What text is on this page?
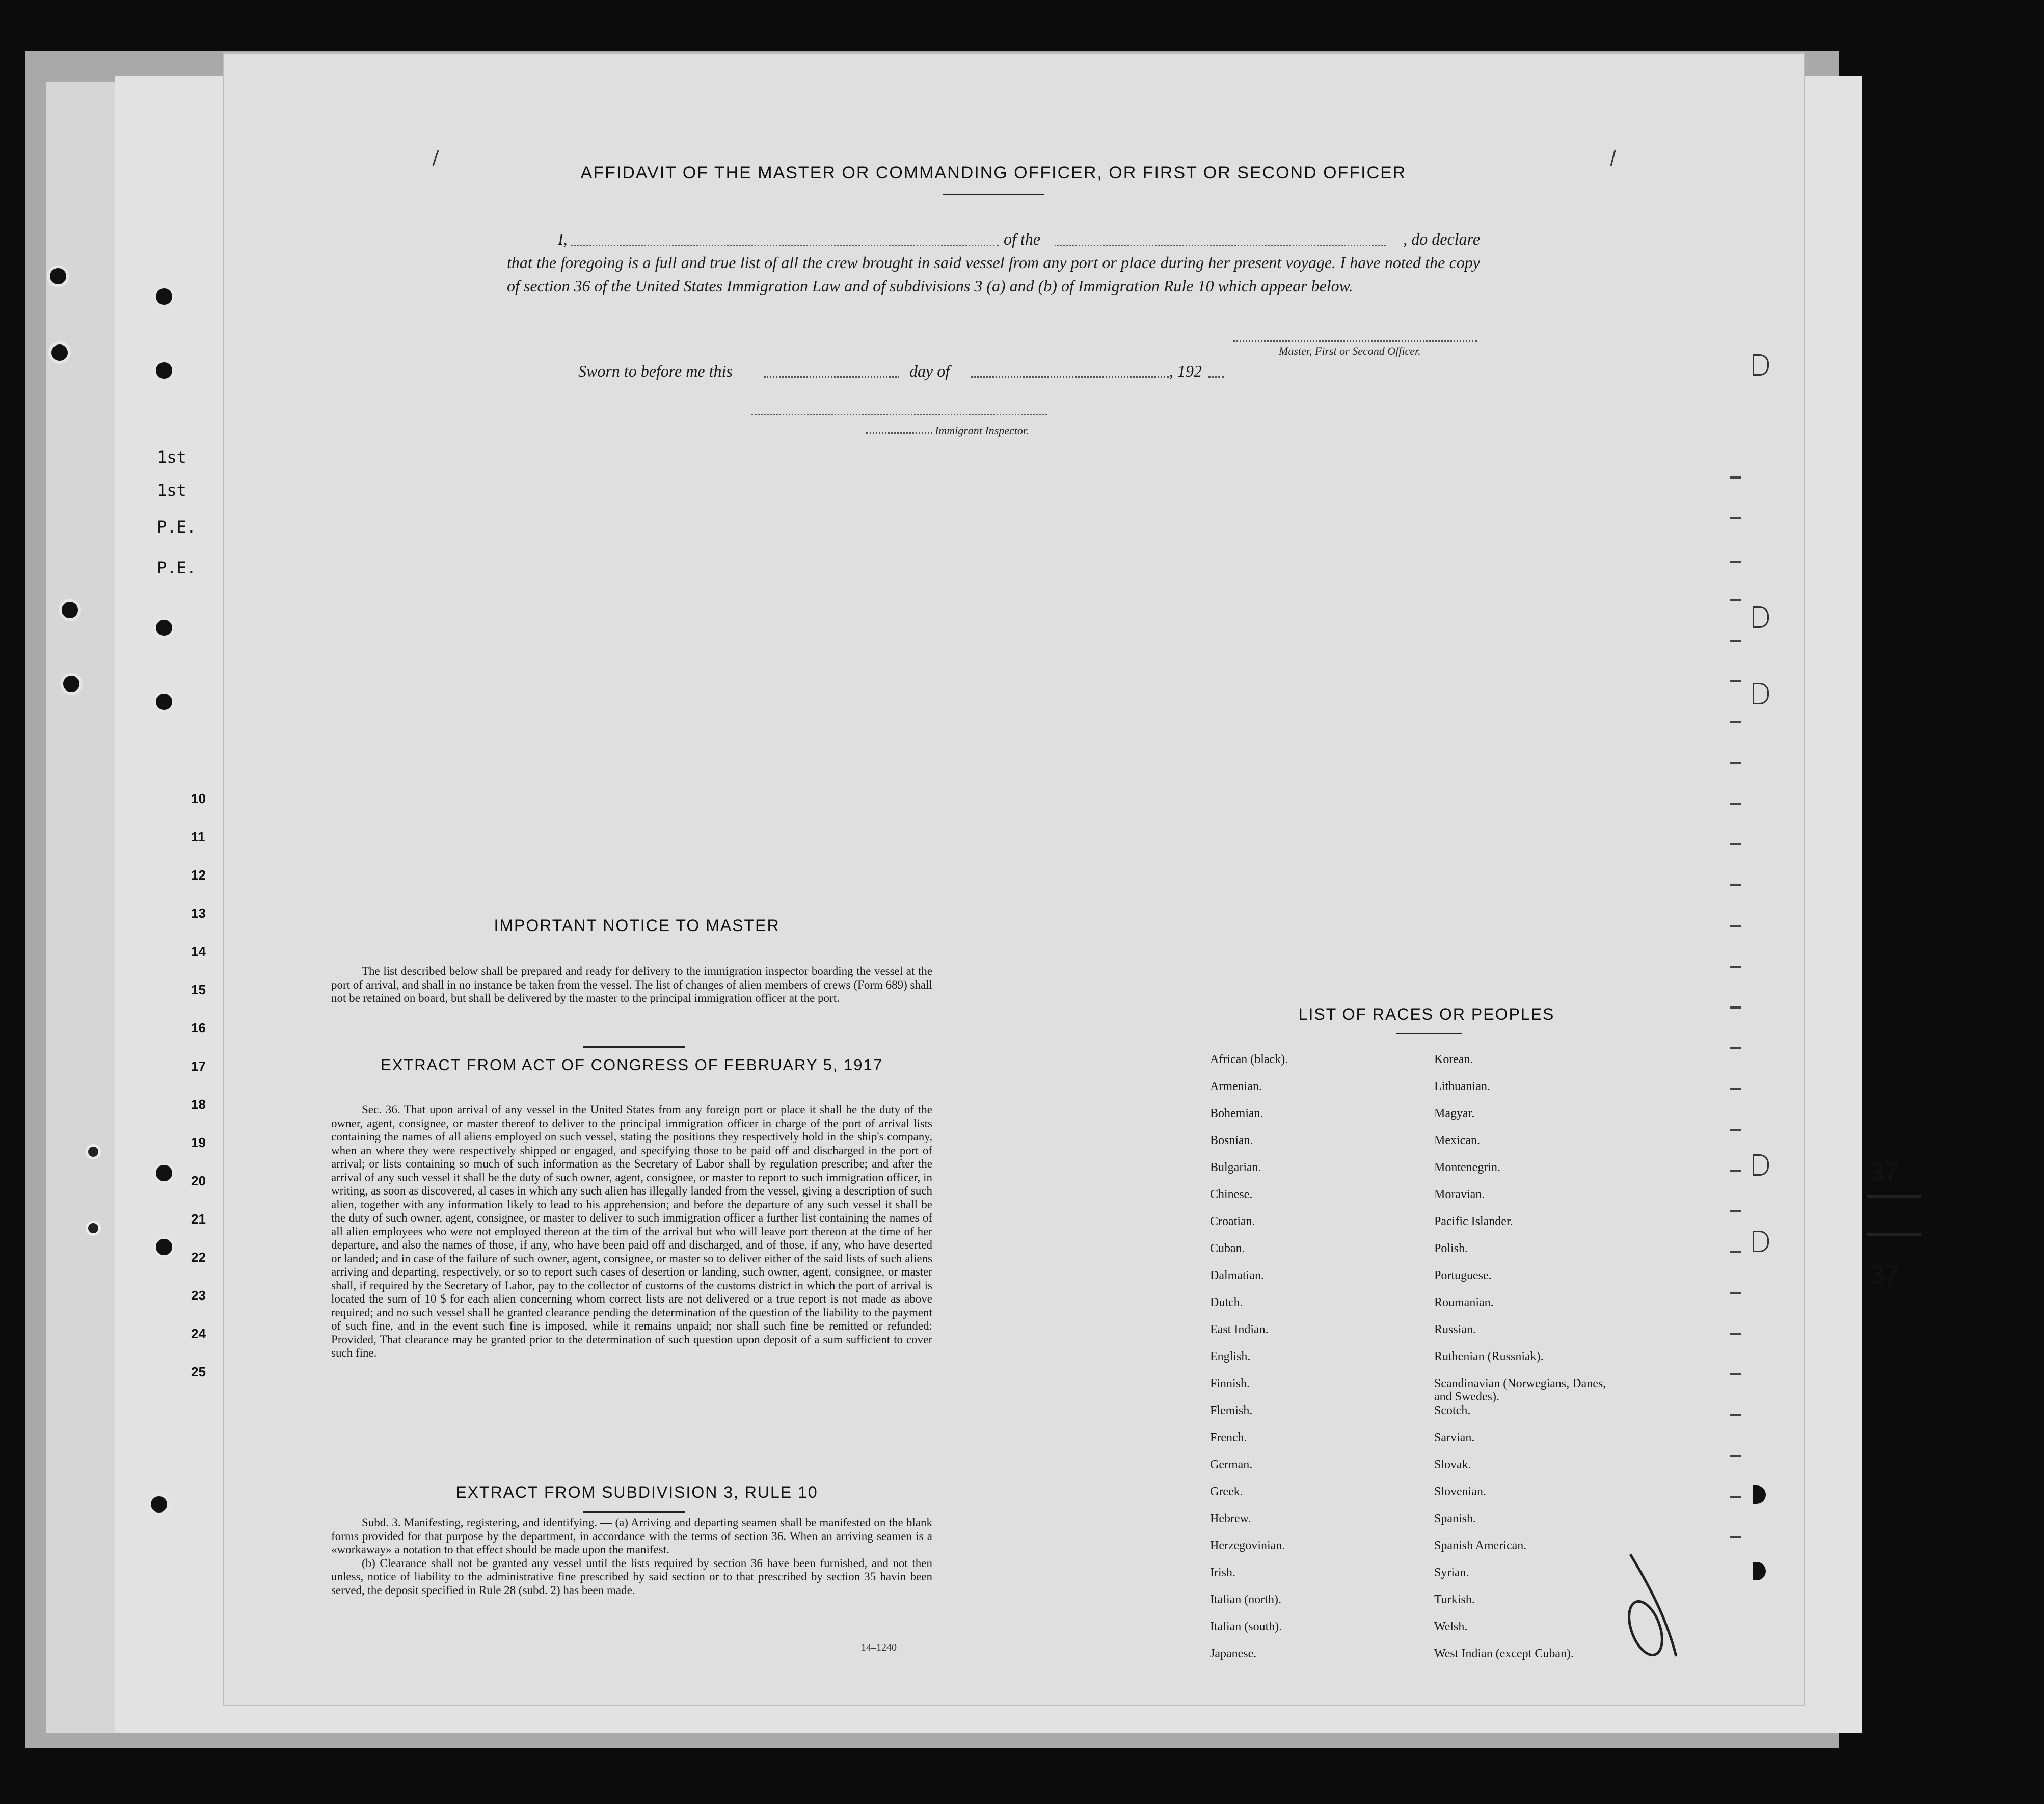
1st
1st
P.E.
P.E.
10
11
12
13
14
15
16
17
18
19
20
21
22
23
24
25
37
37
AFFIDAVIT OF THE MASTER OR COMMANDING OFFICER, OR FIRST OR SECOND OFFICER
I,	of the	, do declare

that the foregoing is a full and true list of all the crew brought in said vessel from any port or place during her present voyage. I have noted the copy of section 36 of the United States Immigration Law and of subdivisions 3 (a) and (b) of Immigration Rule 10 which appear below.

Master, First or Second Officer.
Sworn to before me this	day of	, 192
Immigrant Inspector.
IMPORTANT NOTICE TO MASTER

The list described below shall be prepared and ready for delivery to the immigration inspector boarding the vessel at the port of arrival, and shall in no instance be taken from the vessel. The list of changes of alien members of crews (Form 689) shall not be retained on board, but shall be delivered by the master to the principal immigration officer at the port.

EXTRACT FROM ACT OF CONGRESS OF FEBRUARY 5, 1917

Sec. 36. That upon arrival of any vessel in the United States from any foreign port or place it shall be the duty of the owner, agent, consignee, or master thereof to deliver to the principal immigration officer in charge of the port of arrival lists containing the names of all aliens employed on such vessel, stating the positions they respectively hold in the ship's company, when an where they were respectively shipped or engaged, and specifying those to be paid off and discharged in the port of arrival; or lists containing so much of such information as the Secretary of Labor shall by regulation prescribe; and after the arrival of any such vessel it shall be the duty of such owner, agent, consignee, or master to report to such immigration officer, in writing, as soon as discovered, al cases in which any such alien has illegally landed from the vessel, giving a description of such alien, together with any information likely to lead to his apprehension; and before the departure of any such vessel it shall be the duty of such owner, agent, consignee, or master to deliver to such immigration officer a further list containing the names of all alien employees who were not employed thereon at the tim of the arrival but who will leave port thereon at the time of her departure, and also the names of those, if any, who have been paid off and discharged, and of those, if any, who have deserted or landed; and in case of the failure of such owner, agent, consignee, or master so to deliver either of the said lists of such aliens arriving and departing, respectively, or so to report such cases of desertion or landing, such owner, agent, consignee, or master shall, if required by the Secretary of Labor, pay to the collector of customs of the customs district in which the port of arrival is located the sum of 10 $ for each alien concerning whom correct lists are not delivered or a true report is not made as above required; and no such vessel shall be granted clearance pending the determination of the question of the liability to the payment of such fine, and in the event such fine is imposed, while it remains unpaid; nor shall such fine be remitted or refunded: Provided, That clearance may be granted prior to the determination of such question upon deposit of a sum sufficient to cover such fine.

EXTRACT FROM SUBDIVISION 3, RULE 10

Subd. 3. Manifesting, registering, and identifying. — (a) Arriving and departing seamen shall be manifested on the blank forms provided for that purpose by the department, in accordance with the terms of section 36. When an arriving seamen is a «workaway» a notation to that effect should be made upon the manifest.

(b) Clearance shall not be granted any vessel until the lists required by section 36 have been furnished, and not then unless, notice of liability to the administrative fine prescribed by said section or to that prescribed by section 35 havin been served, the deposit specified in Rule 28 (subd. 2) has been made.

14–1240
LIST OF RACES OR PEOPLES
African (black).
Armenian.
Bohemian.
Bosnian.
Bulgarian.
Chinese.
Croatian.
Cuban.
Dalmatian.
Dutch.
East Indian.
English.
Finnish.
Flemish.
French.
German.
Greek.
Hebrew.
Herzegovinian.
Irish.
Italian (north).
Italian (south).
Japanese.
Korean.
Lithuanian.
Magyar.
Mexican.
Montenegrin.
Moravian.
Pacific Islander.
Polish.
Portuguese.
Roumanian.
Russian.
Ruthenian (Russniak).
Scandinavian (Norwegians, Danes, and Swedes).
Scotch.
Sarvian.
Slovak.
Slovenian.
Spanish.
Spanish American.
Syrian.
Turkish.
Welsh.
West Indian (except Cuban).
